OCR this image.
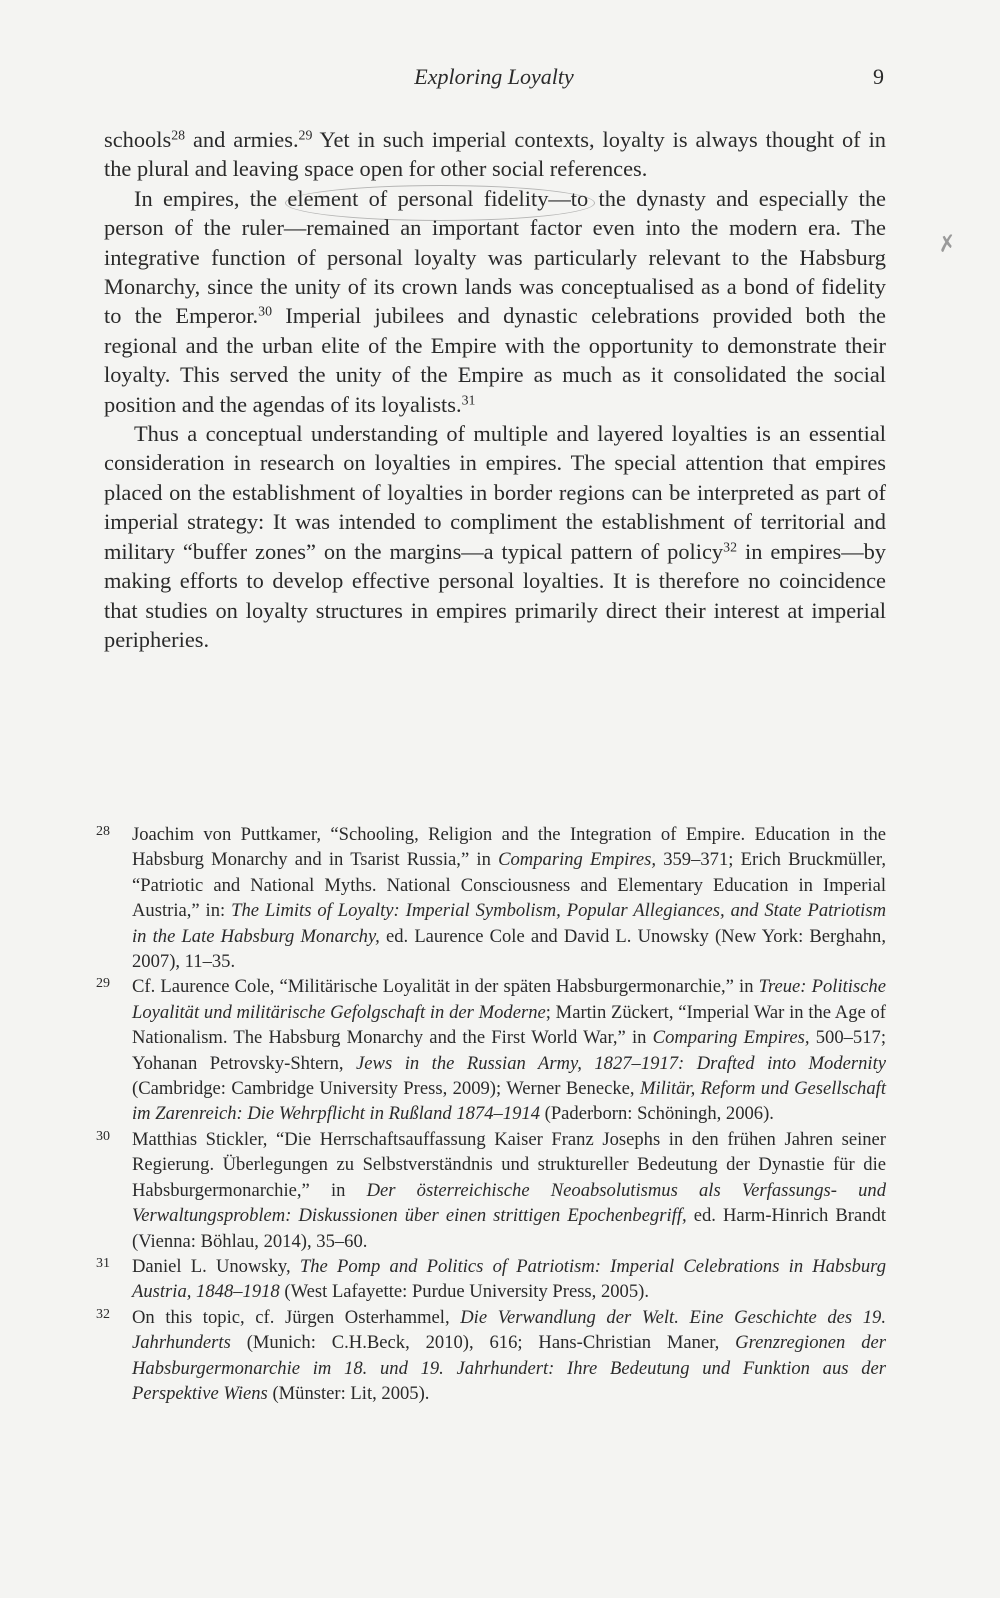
Exploring Loyalty	9
✗

schools$^{28}$ and armies.$^{29}$ Yet in such imperial contexts, loyalty is always thought of in the plural and leaving space open for other social references.

In empires, the element of personal fidelity—to the dynasty and especially the person of the ruler—remained an important factor even into the modern era. The integrative function of personal loyalty was particularly relevant to the Habsburg Monarchy, since the unity of its crown lands was conceptualised as a bond of fidelity to the Emperor.$^{30}$ Imperial jubilees and dynastic celebrations provided both the regional and the urban elite of the Empire with the opportunity to demonstrate their loyalty. This served the unity of the Empire as much as it consolidated the social position and the agendas of its loyalists.$^{31}$

Thus a conceptual understanding of multiple and layered loyalties is an essential consideration in research on loyalties in empires. The special attention that empires placed on the establishment of loyalties in border regions can be interpreted as part of imperial strategy: It was intended to compliment the establishment of territorial and military “buffer zones” on the margins—a typical pattern of policy$^{32}$ in empires—by making efforts to develop effective personal loyalties. It is therefore no coincidence that studies on loyalty structures in empires primarily direct their interest at imperial peripheries.

28 Joachim von Puttkamer, “Schooling, Religion and the Integration of Empire. Education in the Habsburg Monarchy and in Tsarist Russia,” in Comparing Empires, 359–371; Erich Bruckmüller, “Patriotic and National Myths. National Consciousness and Elementary Education in Imperial Austria,” in: The Limits of Loyalty: Imperial Symbolism, Popular Allegiances, and State Patriotism in the Late Habsburg Monarchy, ed. Laurence Cole and David L. Unowsky (New York: Berghahn, 2007), 11–35.
29 Cf. Laurence Cole, “Militärische Loyalität in der späten Habsburgermonarchie,” in Treue: Politische Loyalität und militärische Gefolgschaft in der Moderne; Martin Zückert, “Imperial War in the Age of Nationalism. The Habsburg Monarchy and the First World War,” in Comparing Empires, 500–517; Yohanan Petrovsky-Shtern, Jews in the Russian Army, 1827–1917: Drafted into Modernity (Cambridge: Cambridge University Press, 2009); Werner Benecke, Militär, Reform und Gesellschaft im Zarenreich: Die Wehrpflicht in Rußland 1874–1914 (Paderborn: Schöningh, 2006).
30 Matthias Stickler, “Die Herrschaftsauffassung Kaiser Franz Josephs in den frühen Jahren seiner Regierung. Überlegungen zu Selbstverständnis und struktureller Bedeutung der Dynastie für die Habsburgermonarchie,” in Der österreichische Neoabsolutismus als Verfassungs- und Verwaltungsproblem: Diskussionen über einen strittigen Epochenbegriff, ed. Harm-Hinrich Brandt (Vienna: Böhlau, 2014), 35–60.
31 Daniel L. Unowsky, The Pomp and Politics of Patriotism: Imperial Celebrations in Habsburg Austria, 1848–1918 (West Lafayette: Purdue University Press, 2005).
32 On this topic, cf. Jürgen Osterhammel, Die Verwandlung der Welt. Eine Geschichte des 19. Jahrhunderts (Munich: C.H.Beck, 2010), 616; Hans-Christian Maner, Grenzregionen der Habsburgermonarchie im 18. und 19. Jahrhundert: Ihre Bedeutung und Funktion aus der Perspektive Wiens (Münster: Lit, 2005).
